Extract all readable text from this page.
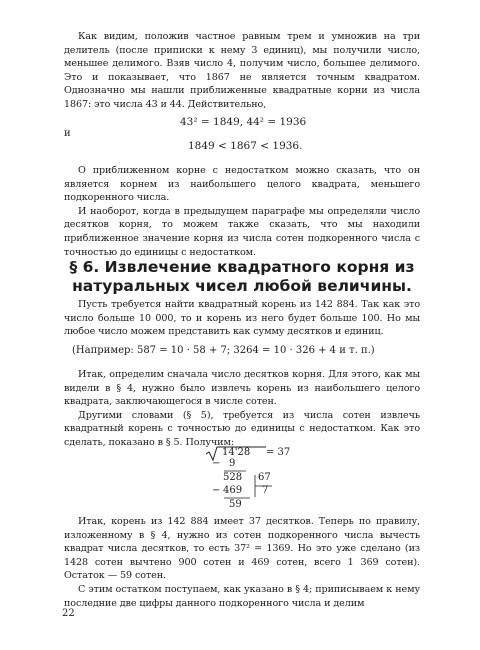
Как видим, положив частное равным трем и умножив на три делитель (после приписки к нему 3 единиц), мы получили число, меньшее делимого. Взяв число 4, получим число, большее делимого. Это и показывает, что 1867 не является точным квадратом. Однозначно мы нашли приближенные квадратные корни из числа 1867: это числа 43 и 44. Действительно,

43² = 1849, 44² = 1936
и
1849 < 1867 < 1936.

О приближенном корне с недостатком можно сказать, что он является корнем из наибольшего целого квадрата, меньшего подкоренного числа.

И наоборот, когда в предыдущем параграфе мы определяли число десятков корня, то можем также сказать, что мы находили приближенное значение корня из числа сотен подкоренного числа с точностью до единицы с недостатком.

§ 6. Извлечение квадратного корня из натуральных чисел любой величины.

Пусть требуется найти квадратный корень из 142 884. Так как это число больше 10 000, то и корень из него будет больше 100. Но мы любое число можем представить как сумму десятков и единиц.

(Например: 587 = 10 · 58 + 7; 3264 = 10 · 326 + 4 и т. п.)

Итак, определим сначала число десятков корня. Для этого, как мы видели в § 4, нужно было извлечь корень из наибольшего целого квадрата, заключающегося в числе сотен.

Другими словами (§ 5), требуется из числа сотен извлечь квадратный корень с точностью до единицы с недостатком. Как это сделать, показано в § 5. Получим:

14'28 = 37
− 9
528 67
− 469 7
59

Итак, корень из 142 884 имеет 37 десятков. Теперь по правилу, изложенному в § 4, нужно из сотен подкоренного числа вычесть квадрат числа десятков, то есть 37² = 1369. Но это уже сделано (из 1428 сотен вычтено 900 сотен и 469 сотен, всего 1 369 сотен). Остаток — 59 сотен.

С этим остатком поступаем, как указано в § 4; приписываем к нему последние две цифры данного подкоренного числа и делим

22
